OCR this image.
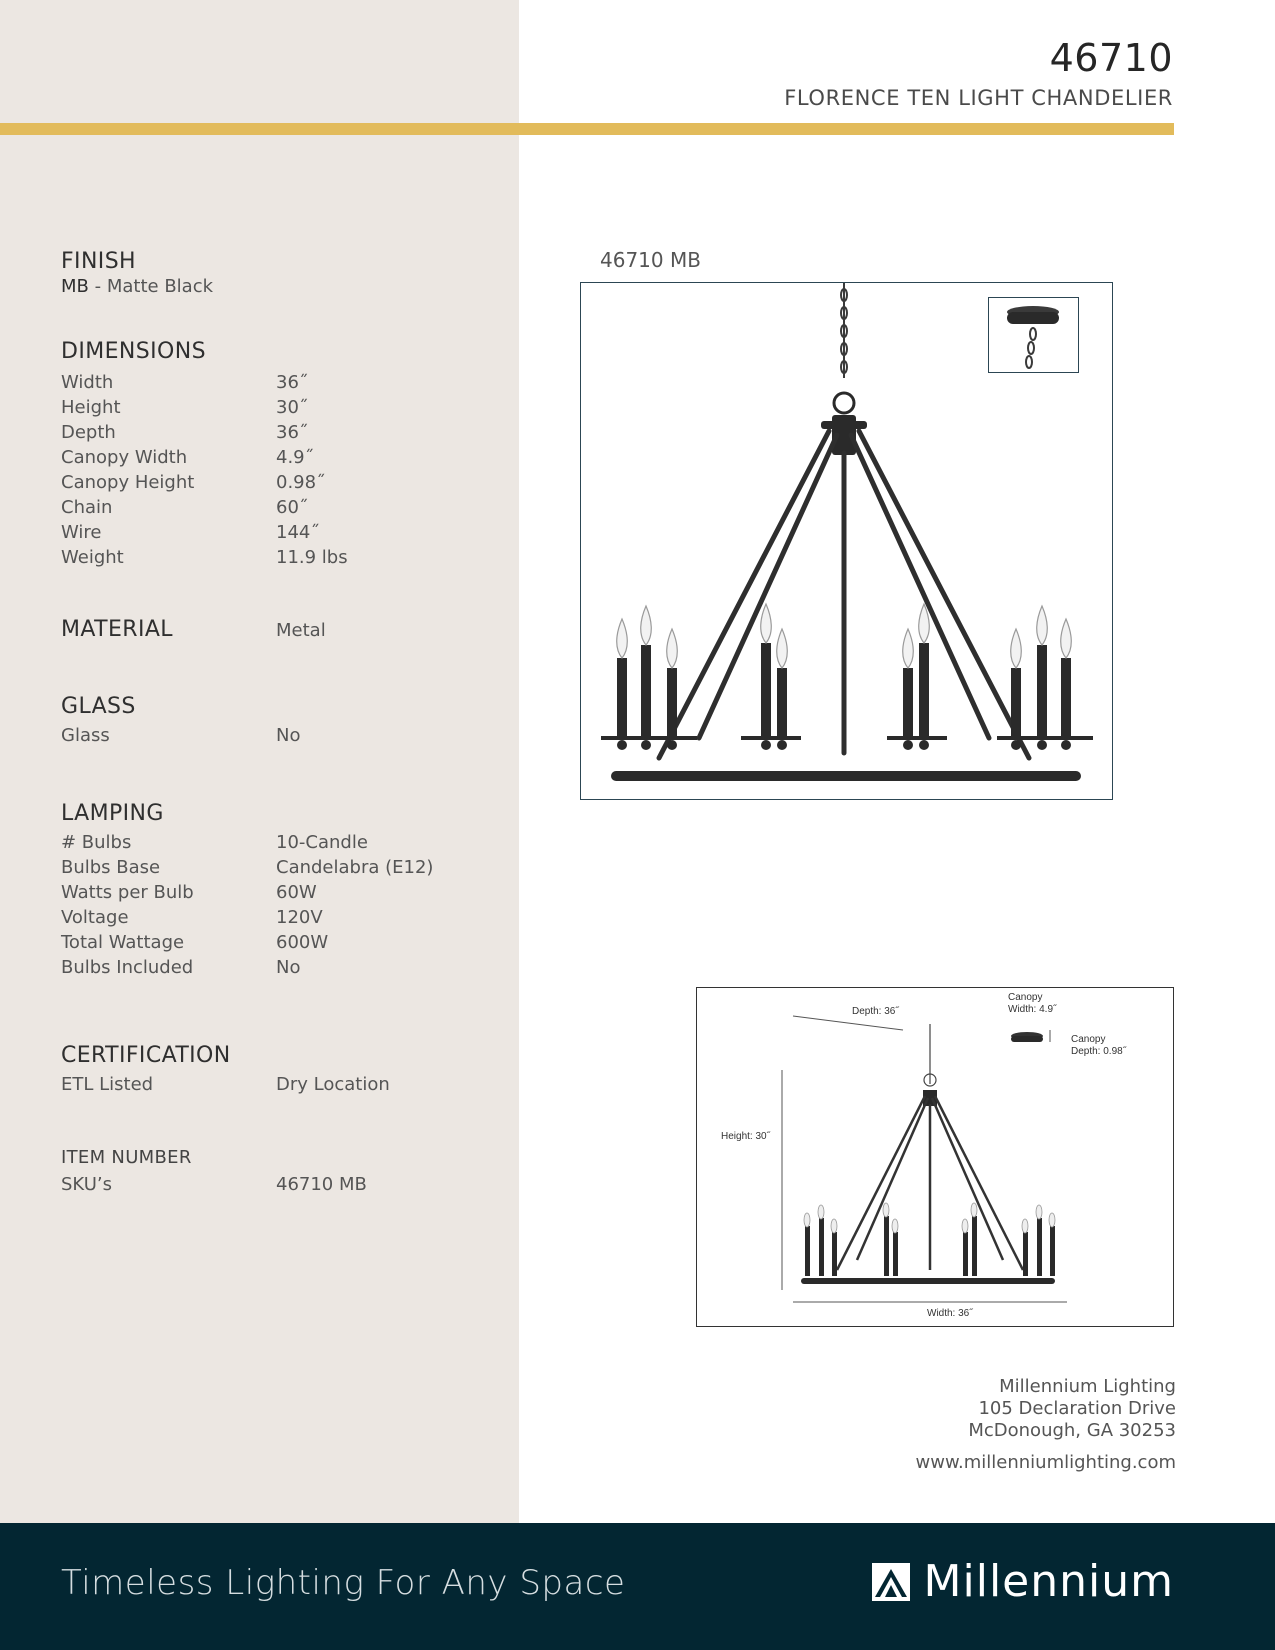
46710
FLORENCE TEN LIGHT CHANDELIER
FINISH
MB - Matte Black
DIMENSIONS
Width	36˝
Height	30˝
Depth	36˝
Canopy Width	4.9˝
Canopy Height	0.98˝
Chain	60˝
Wire	144˝
Weight	11.9 lbs
MATERIAL	Metal
GLASS
Glass	No
LAMPING
# Bulbs	10-Candle
Bulbs Base	Candelabra (E12)
Watts per Bulb	60W
Voltage	120V
Total Wattage	600W
Bulbs Included	No
CERTIFICATION
ETL Listed	Dry Location
ITEM NUMBER
SKU’s	46710 MB
46710 MB
Depth: 36˝
Canopy
Width: 4.9˝
Canopy
Depth: 0.98˝
Height: 30˝
Width: 36˝
Millennium Lighting
105 Declaration Drive
McDonough, GA 30253
www.millenniumlighting.com
Timeless Lighting For Any Space	Millennium
